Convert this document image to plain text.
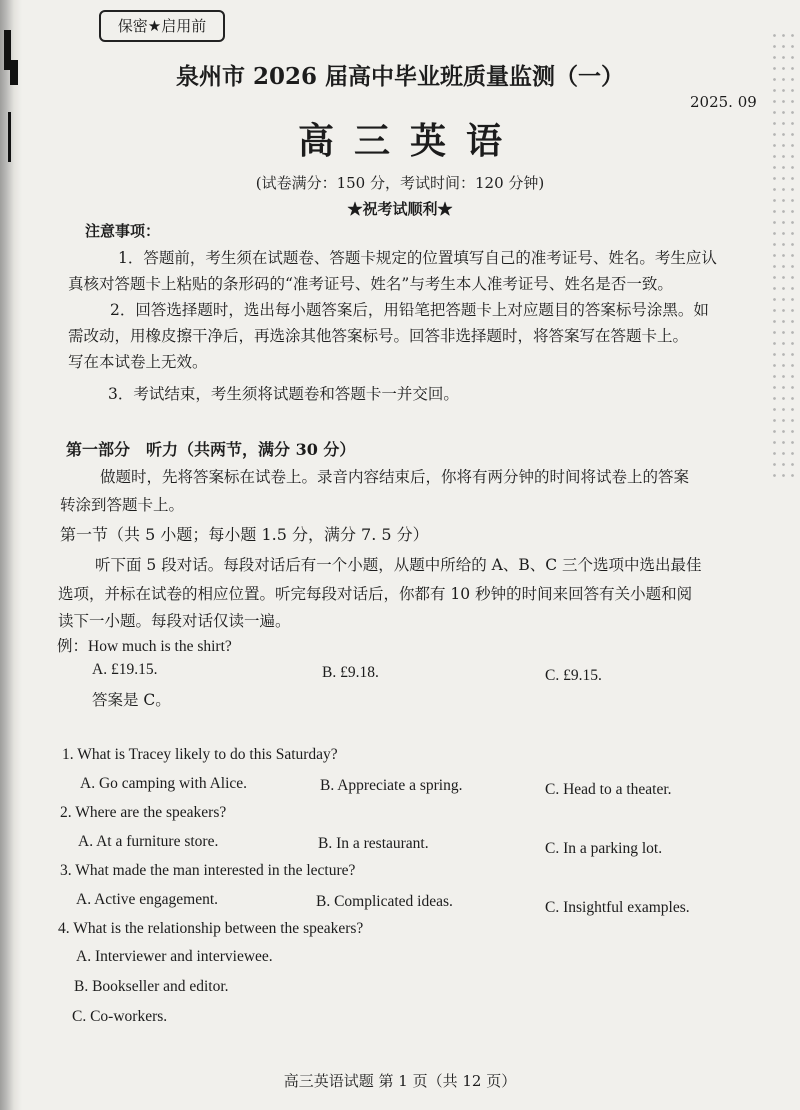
保密★启用前
泉州市 2026 届高中毕业班质量监测（一）
2025. 09
高三英语
(试卷满分：150 分，考试时间：120 分钟)
★祝考试顺利★
注意事项：
1．答题前，考生须在试题卷、答题卡规定的位置填写自己的准考证号、姓名。考生应认
真核对答题卡上粘贴的条形码的“准考证号、姓名”与考生本人准考证号、姓名是否一致。
2．回答选择题时，选出每小题答案后，用铅笔把答题卡上对应题目的答案标号涂黑。如
需改动，用橡皮擦干净后，再选涂其他答案标号。回答非选择题时，将答案写在答题卡上。
写在本试卷上无效。
3．考试结束，考生须将试题卷和答题卡一并交回。
第一部分　听力（共两节，满分 30 分）
做题时，先将答案标在试卷上。录音内容结束后，你将有两分钟的时间将试卷上的答案
转涂到答题卡上。
第一节（共 5 小题；每小题 1.5 分，满分 7. 5 分）
听下面 5 段对话。每段对话后有一个小题，从题中所给的 A、B、C 三个选项中选出最佳
选项，并标在试卷的相应位置。听完每段对话后，你都有 10 秒钟的时间来回答有关小题和阅
读下一小题。每段对话仅读一遍。
例：How much is the shirt?
A. £19.15.	B. £9.18.	C. £9.15.
答案是 C。
1. What is Tracey likely to do this Saturday?
A. Go camping with Alice.	B. Appreciate a spring.	C. Head to a theater.
2. Where are the speakers?
A. At a furniture store.	B. In a restaurant.	C. In a parking lot.
3. What made the man interested in the lecture?
A. Active engagement.	B. Complicated ideas.	C. Insightful examples.
4. What is the relationship between the speakers?
A. Interviewer and interviewee.
B. Bookseller and editor.
C. Co-workers.
高三英语试题 第 1 页（共 12 页）
